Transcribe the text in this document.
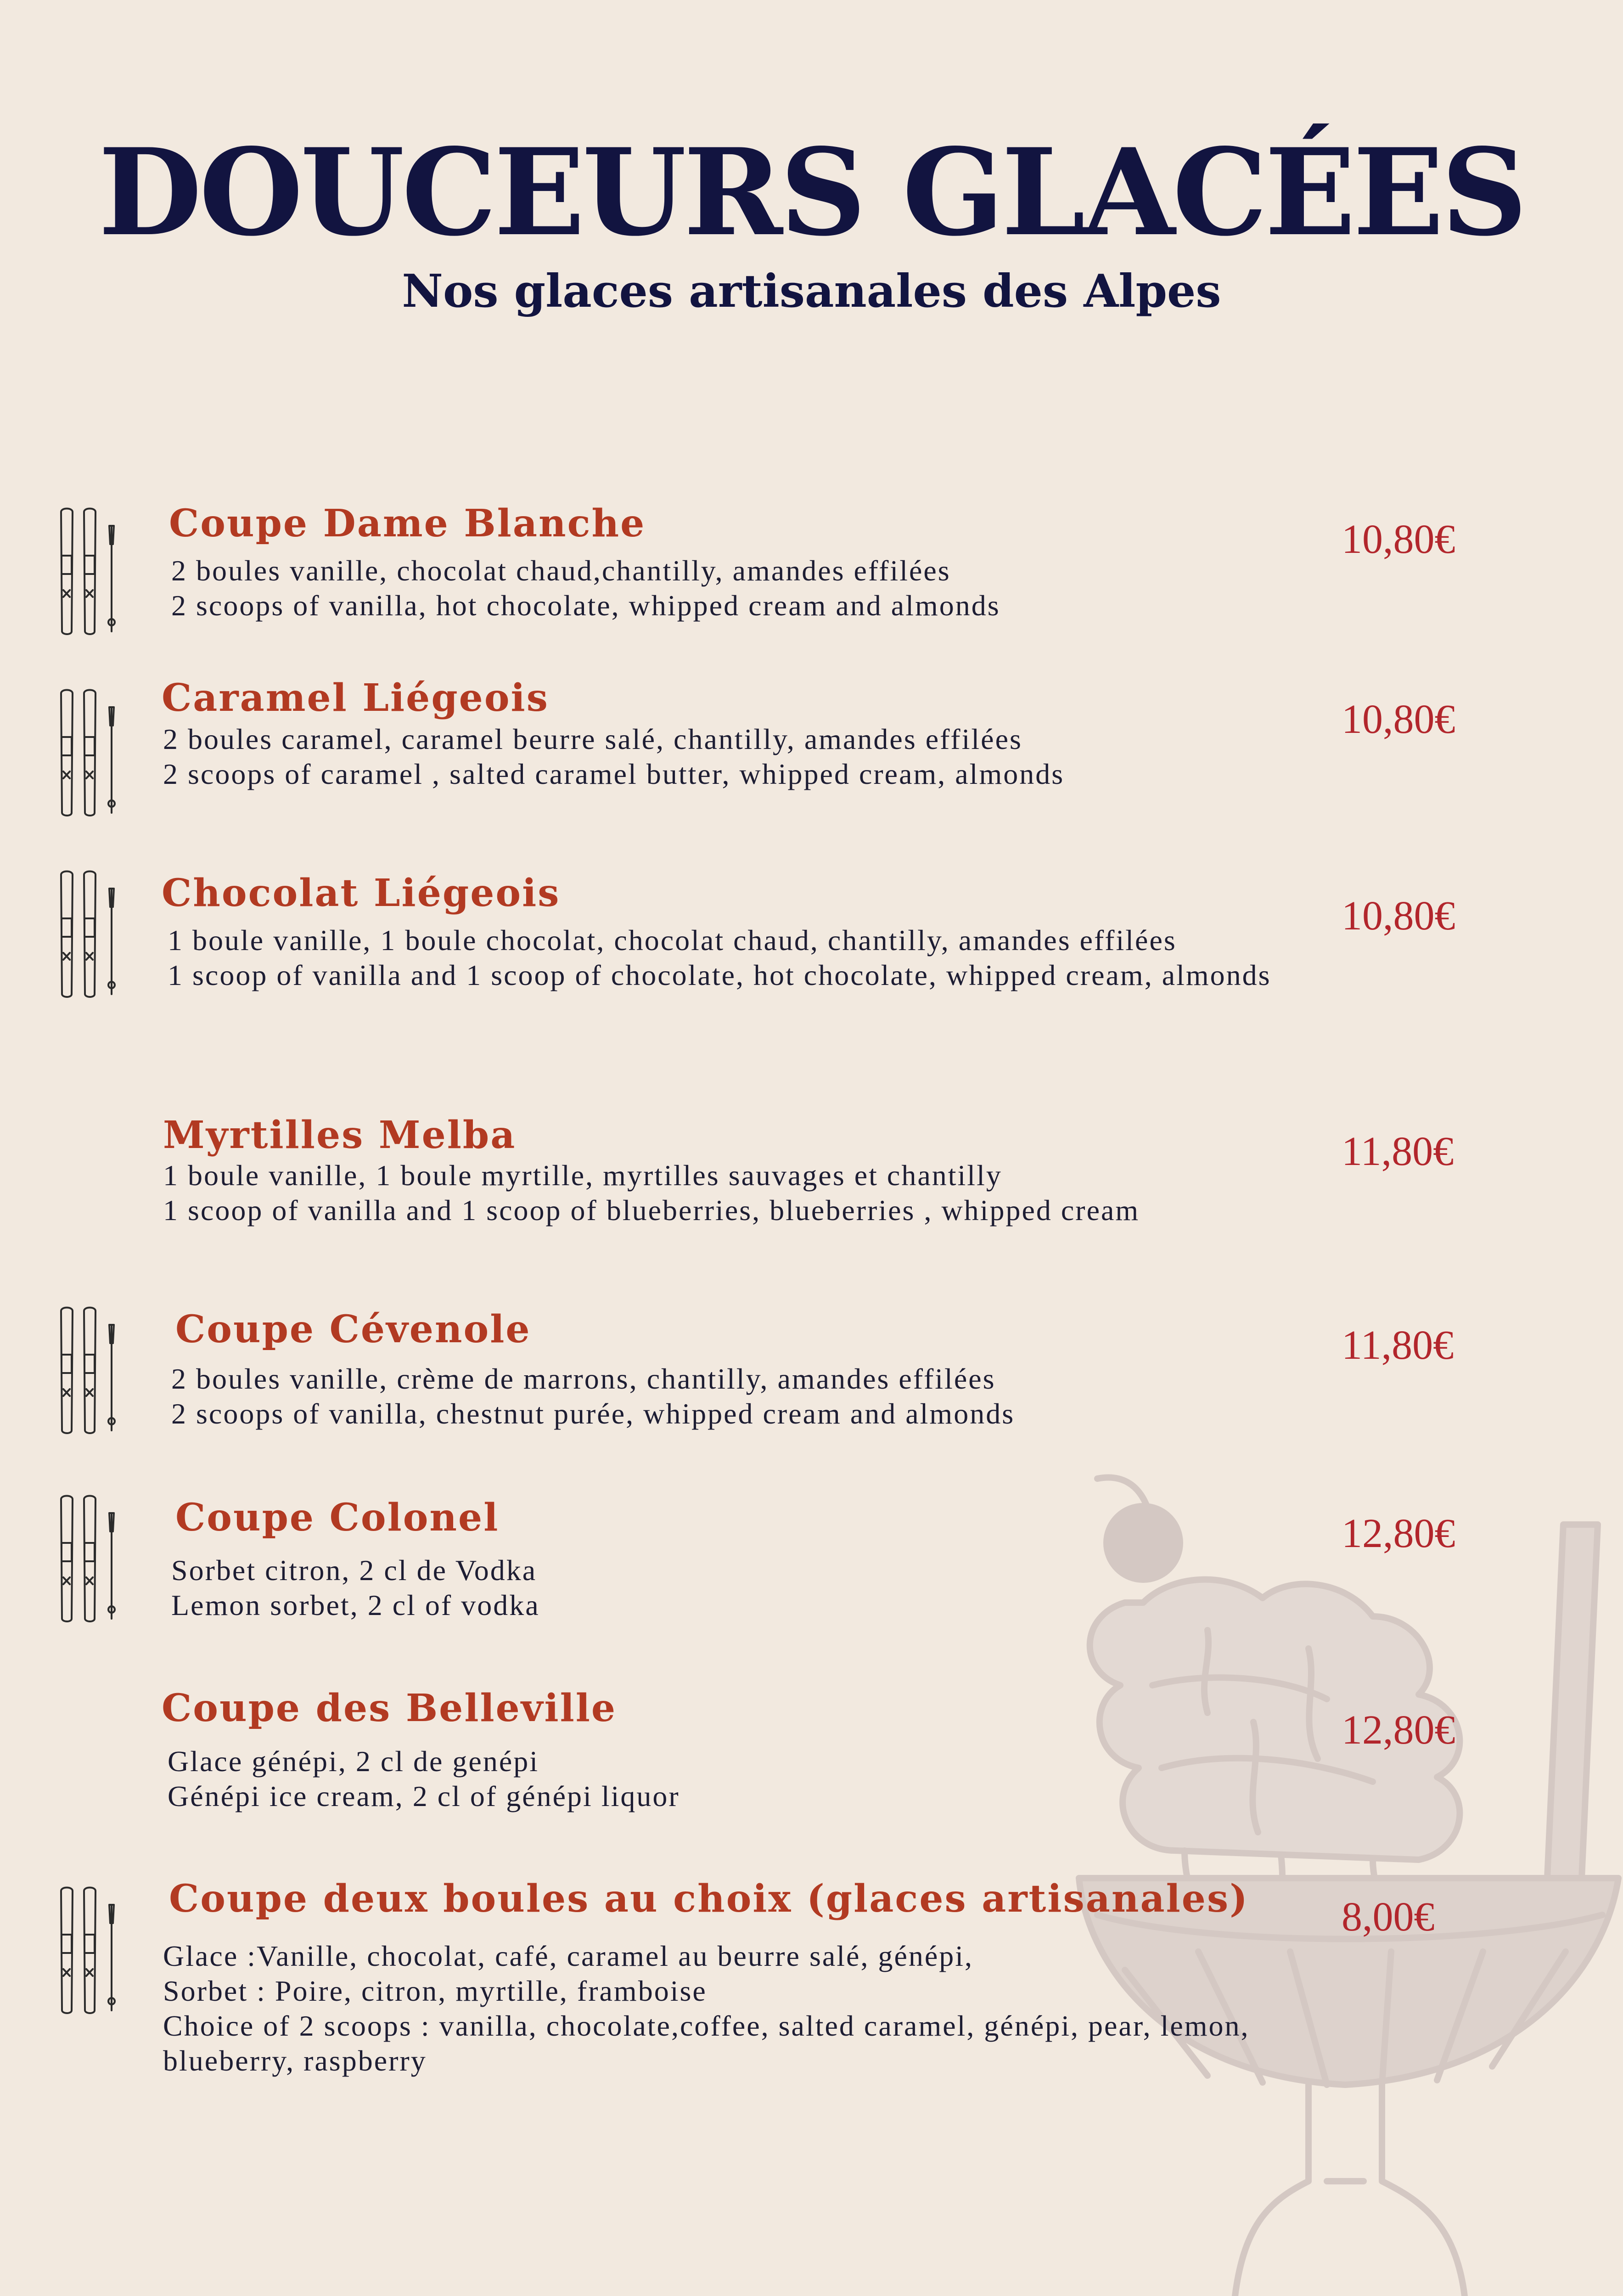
DOUCEURS GLACÉES
Nos glaces artisanales des Alpes
Coupe Dame Blanche
2 boules vanille, chocolat chaud,chantilly, amandes effilées
2 scoops of vanilla, hot chocolate, whipped cream and almonds
10,80€
Caramel Liégeois
2 boules caramel, caramel beurre salé, chantilly, amandes effilées
2 scoops of caramel , salted caramel butter, whipped cream, almonds
10,80€
Chocolat Liégeois
1 boule vanille, 1 boule chocolat, chocolat chaud, chantilly, amandes effilées
1 scoop of vanilla and 1 scoop of chocolate, hot chocolate, whipped cream, almonds
10,80€
Myrtilles Melba
1 boule vanille, 1 boule myrtille, myrtilles sauvages et chantilly
1 scoop of vanilla and 1 scoop of blueberries, blueberries , whipped cream
11,80€
Coupe Cévenole
2 boules vanille, crème de marrons, chantilly, amandes effilées
2 scoops of vanilla, chestnut purée, whipped cream and almonds
11,80€
Coupe Colonel
Sorbet citron, 2 cl de Vodka
Lemon sorbet, 2 cl of vodka
12,80€
Coupe des Belleville
Glace génépi, 2 cl de genépi
Génépi ice cream, 2 cl of génépi liquor
12,80€
Coupe deux boules au choix (glaces artisanales)
Glace :Vanille, chocolat, café, caramel au beurre salé, génépi,
Sorbet : Poire, citron, myrtille, framboise
Choice of 2 scoops : vanilla, chocolate,coffee, salted caramel, génépi, pear, lemon,
blueberry, raspberry
8,00€
